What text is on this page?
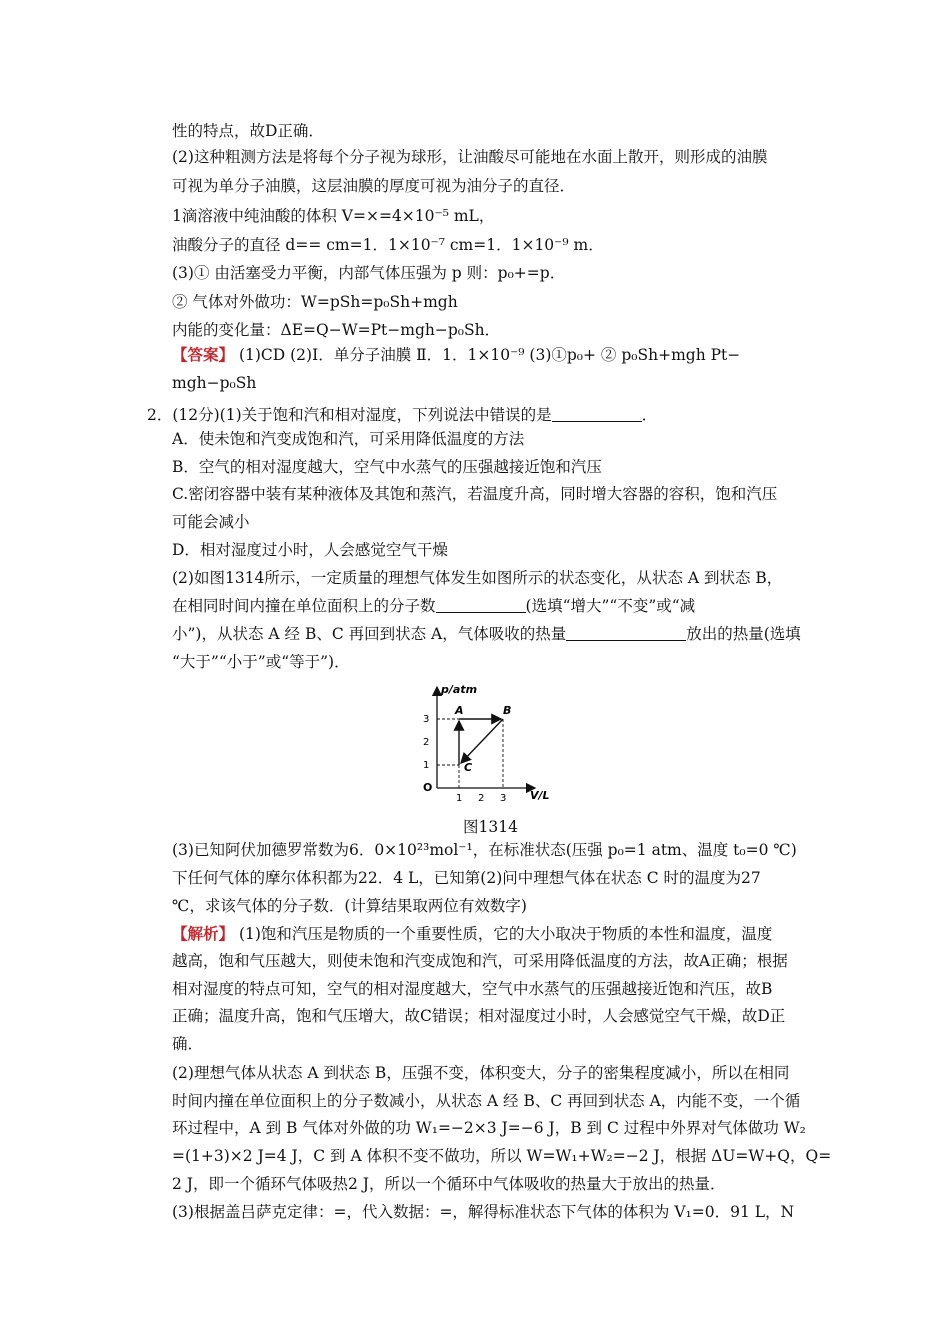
性的特点，故D正确．
(2)这种粗测方法是将每个分子视为球形，让油酸尽可能地在水面上散开，则形成的油膜
可视为单分子油膜，这层油膜的厚度可视为油分子的直径．
1滴溶液中纯油酸的体积 V=×=4×10⁻⁵ mL，
油酸分子的直径 d== cm=1．1×10⁻⁷ cm=1．1×10⁻⁹ m．
(3)① 由活塞受力平衡，内部气体压强为 p 则：p₀+=p．
② 气体对外做功：W=pSh=p₀Sh+mgh
内能的变化量：ΔE=Q−W=Pt−mgh−p₀Sh．
【答案】 (1)CD (2)Ⅰ．单分子油膜 Ⅱ．1．1×10⁻⁹ (3)①p₀+ ② p₀Sh+mgh Pt−
mgh−p₀Sh
2．(12分)(1)关于饱和汽和相对湿度，下列说法中错误的是	．
A．使未饱和汽变成饱和汽，可采用降低温度的方法
B．空气的相对湿度越大，空气中水蒸气的压强越接近饱和汽压
C.密闭容器中装有某种液体及其饱和蒸汽，若温度升高，同时增大容器的容积，饱和汽压
可能会减小
D．相对湿度过小时，人会感觉空气干燥
(2)如图1314所示，一定质量的理想气体发生如图所示的状态变化，从状态 A 到状态 B，
在相同时间内撞在单位面积上的分子数	(选填“增大”“不变”或“减
小”)，从状态 A 经 B、C 再回到状态 A，气体吸收的热量	放出的热量(选填
“大于”“小于”或“等于”)．
p/atm
V/L
O
1
2
3
1 2 3
A	B
C
图1314
(3)已知阿伏加德罗常数为6．0×10²³mol⁻¹，在标准状态(压强 p₀=1 atm、温度 t₀=0 ℃)
下任何气体的摩尔体积都为22．4 L，已知第(2)问中理想气体在状态 C 时的温度为27
℃，求该气体的分子数．(计算结果取两位有效数字)
【解析】 (1)饱和汽压是物质的一个重要性质，它的大小取决于物质的本性和温度，温度
越高，饱和气压越大，则使未饱和汽变成饱和汽，可采用降低温度的方法，故A正确；根据
相对湿度的特点可知，空气的相对湿度越大，空气中水蒸气的压强越接近饱和汽压，故B
正确；温度升高，饱和气压增大，故C错误；相对湿度过小时，人会感觉空气干燥，故D正
确．
(2)理想气体从状态 A 到状态 B，压强不变，体积变大，分子的密集程度减小，所以在相同
时间内撞在单位面积上的分子数减小，从状态 A 经 B、C 再回到状态 A，内能不变，一个循
环过程中，A 到 B 气体对外做的功 W₁=−2×3 J=−6 J，B 到 C 过程中外界对气体做功 W₂
=(1+3)×2 J=4 J，C 到 A 体积不变不做功，所以 W=W₁+W₂=−2 J，根据 ΔU=W+Q，Q=
2 J，即一个循环气体吸热2 J，所以一个循环中气体吸收的热量大于放出的热量．
(3)根据盖吕萨克定律：=，代入数据：=，解得标准状态下气体的体积为 V₁=0．91 L，N
